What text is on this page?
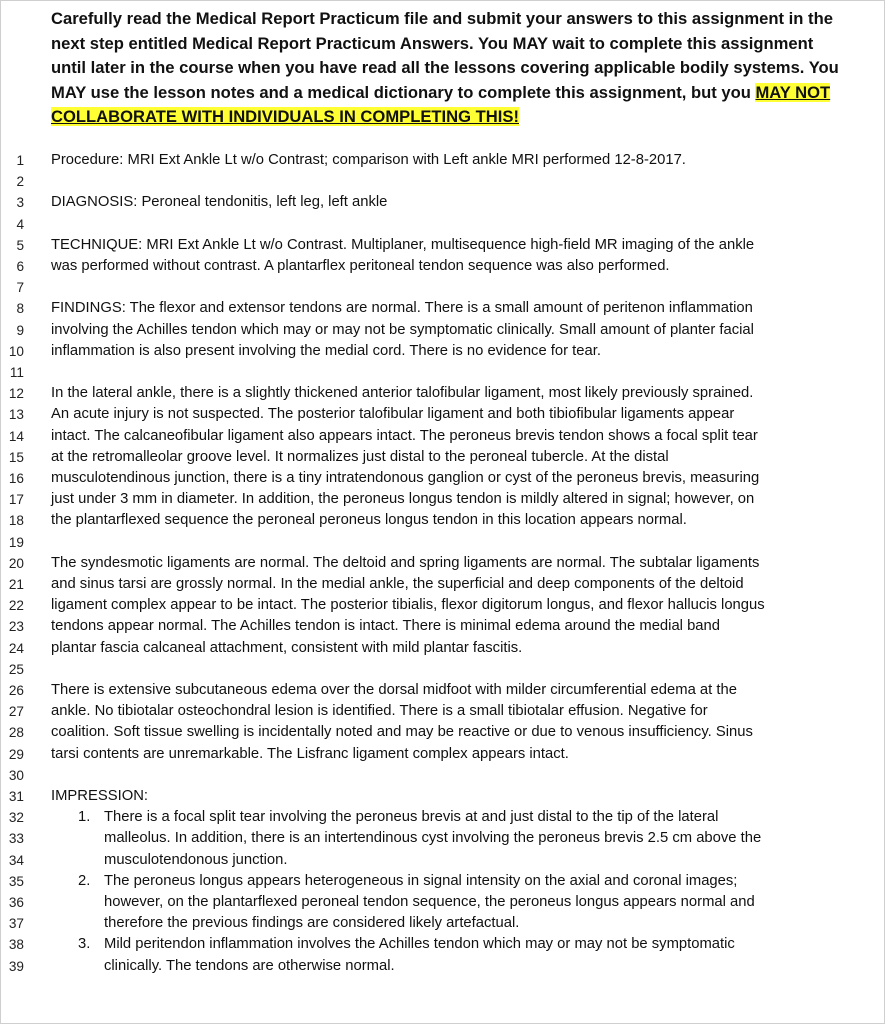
Carefully read the Medical Report Practicum file and submit your answers to this assignment in the next step entitled Medical Report Practicum Answers. You MAY wait to complete this assignment until later in the course when you have read all the lessons covering applicable bodily systems. You MAY use the lesson notes and a medical dictionary to complete this assignment, but you MAY NOT COLLABORATE WITH INDIVIDUALS IN COMPLETING THIS!
1 Procedure: MRI Ext Ankle Lt w/o Contrast; comparison with Left ankle MRI performed 12-8-2017.
2
3 DIAGNOSIS: Peroneal tendonitis, left leg, left ankle
4
5 TECHNIQUE: MRI Ext Ankle Lt w/o Contrast. Multiplaner, multisequence high-field MR imaging of the ankle
6 was performed without contrast. A plantarflex peritoneal tendon sequence was also performed.
7
8 FINDINGS: The flexor and extensor tendons are normal. There is a small amount of peritenon inflammation
9 involving the Achilles tendon which may or may not be symptomatic clinically. Small amount of planter facial
10 inflammation is also present involving the medial cord. There is no evidence for tear.
11
12 In the lateral ankle, there is a slightly thickened anterior talofibular ligament, most likely previously sprained.
13 An acute injury is not suspected. The posterior talofibular ligament and both tibiofibular ligaments appear
14 intact. The calcaneofibular ligament also appears intact. The peroneus brevis tendon shows a focal split tear
15 at the retromalleolar groove level. It normalizes just distal to the peroneal tubercle. At the distal
16 musculotendinous junction, there is a tiny intratendonous ganglion or cyst of the peroneus brevis, measuring
17 just under 3 mm in diameter. In addition, the peroneus longus tendon is mildly altered in signal; however, on
18 the plantarflexed sequence the peroneal peroneus longus tendon in this location appears normal.
19
20 The syndesmotic ligaments are normal. The deltoid and spring ligaments are normal. The subtalar ligaments
21 and sinus tarsi are grossly normal. In the medial ankle, the superficial and deep components of the deltoid
22 ligament complex appear to be intact. The posterior tibialis, flexor digitorum longus, and flexor hallucis longus
23 tendons appear normal. The Achilles tendon is intact. There is minimal edema around the medial band
24 plantar fascia calcaneal attachment, consistent with mild plantar fascitis.
25
26 There is extensive subcutaneous edema over the dorsal midfoot with milder circumferential edema at the
27 ankle. No tibiotalar osteochondral lesion is identified. There is a small tibiotalar effusion. Negative for
28 coalition. Soft tissue swelling is incidentally noted and may be reactive or due to venous insufficiency. Sinus
29 tarsi contents are unremarkable. The Lisfranc ligament complex appears intact.
30
31 IMPRESSION:
32	1. There is a focal split tear involving the peroneus brevis at and just distal to the tip of the lateral
33	malleolus. In addition, there is an intertendinous cyst involving the peroneus brevis 2.5 cm above the
34	musculotendonous junction.
35	2. The peroneus longus appears heterogeneous in signal intensity on the axial and coronal images;
36	however, on the plantarflexed peroneal tendon sequence, the peroneus longus appears normal and
37	therefore the previous findings are considered likely artefactual.
38	3. Mild peritendon inflammation involves the Achilles tendon which may or may not be symptomatic
39	clinically. The tendons are otherwise normal.
